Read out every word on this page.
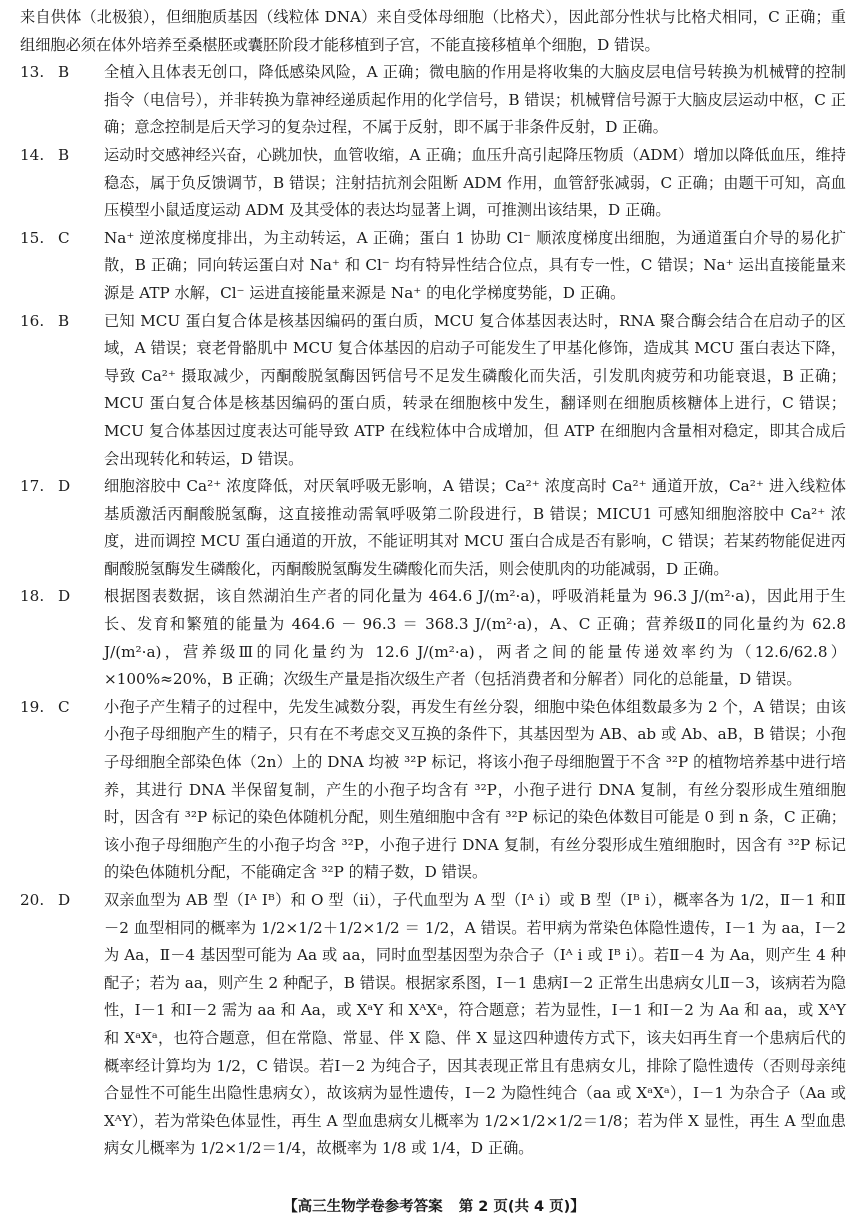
来自供体（北极狼），但细胞质基因（线粒体 DNA）来自受体母细胞（比格犬），因此部分性状与比格犬相同，C 正确；重组细胞必须在体外培养至桑椹胚或囊胚阶段才能移植到子宫，不能直接移植单个细胞，D 错误。

13. B	全植入且体表无创口，降低感染风险，A 正确；微电脑的作用是将收集的大脑皮层电信号转换为机械臂的控制指令（电信号），并非转换为靠神经递质起作用的化学信号，B 错误；机械臂信号源于大脑皮层运动中枢，C 正确；意念控制是后天学习的复杂过程，不属于反射，即不属于非条件反射，D 正确。
14. B	运动时交感神经兴奋，心跳加快，血管收缩，A 正确；血压升高引起降压物质（ADM）增加以降低血压，维持稳态，属于负反馈调节，B 错误；注射拮抗剂会阻断 ADM 作用，血管舒张减弱，C 正确；由题干可知，高血压模型小鼠适度运动 ADM 及其受体的表达均显著上调，可推测出该结果，D 正确。
15. C	Na⁺ 逆浓度梯度排出，为主动转运，A 正确；蛋白 1 协助 Cl⁻ 顺浓度梯度出细胞，为通道蛋白介导的易化扩散，B 正确；同向转运蛋白对 Na⁺ 和 Cl⁻ 均有特异性结合位点，具有专一性，C 错误；Na⁺ 运出直接能量来源是 ATP 水解，Cl⁻ 运进直接能量来源是 Na⁺ 的电化学梯度势能，D 正确。
16. B	已知 MCU 蛋白复合体是核基因编码的蛋白质，MCU 复合体基因表达时，RNA 聚合酶会结合在启动子的区域，A 错误；衰老骨骼肌中 MCU 复合体基因的启动子可能发生了甲基化修饰，造成其 MCU 蛋白表达下降，导致 Ca²⁺ 摄取减少，丙酮酸脱氢酶因钙信号不足发生磷酸化而失活，引发肌肉疲劳和功能衰退，B 正确；MCU 蛋白复合体是核基因编码的蛋白质，转录在细胞核中发生，翻译则在细胞质核糖体上进行，C 错误；MCU 复合体基因过度表达可能导致 ATP 在线粒体中合成增加，但 ATP 在细胞内含量相对稳定，即其合成后会出现转化和转运，D 错误。
17. D	细胞溶胶中 Ca²⁺ 浓度降低，对厌氧呼吸无影响，A 错误；Ca²⁺ 浓度高时 Ca²⁺ 通道开放，Ca²⁺ 进入线粒体基质激活丙酮酸脱氢酶，这直接推动需氧呼吸第二阶段进行，B 错误；MICU1 可感知细胞溶胶中 Ca²⁺ 浓度，进而调控 MCU 蛋白通道的开放，不能证明其对 MCU 蛋白合成是否有影响，C 错误；若某药物能促进丙酮酸脱氢酶发生磷酸化，丙酮酸脱氢酶发生磷酸化而失活，则会使肌肉的功能减弱，D 正确。
18. D	根据图表数据，该自然湖泊生产者的同化量为 464.6 J/(m²·a)，呼吸消耗量为 96.3 J/(m²·a)，因此用于生长、发育和繁殖的能量为 464.6 － 96.3 ＝ 368.3 J/(m²·a)，A、C 正确；营养级Ⅱ的同化量约为 62.8 J/(m²·a)，营养级Ⅲ的同化量约为 12.6 J/(m²·a)，两者之间的能量传递效率约为（12.6/62.8）×100%≈20%，B 正确；次级生产量是指次级生产者（包括消费者和分解者）同化的总能量，D 错误。
19. C	小孢子产生精子的过程中，先发生减数分裂，再发生有丝分裂，细胞中染色体组数最多为 2 个，A 错误；由该小孢子母细胞产生的精子，只有在不考虑交叉互换的条件下，其基因型为 AB、ab 或 Ab、aB，B 错误；小孢子母细胞全部染色体（2n）上的 DNA 均被 ³²P 标记，将该小孢子母细胞置于不含 ³²P 的植物培养基中进行培养，其进行 DNA 半保留复制，产生的小孢子均含有 ³²P，小孢子进行 DNA 复制，有丝分裂形成生殖细胞时，因含有 ³²P 标记的染色体随机分配，则生殖细胞中含有 ³²P 标记的染色体数目可能是 0 到 n 条，C 正确；该小孢子母细胞产生的小孢子均含 ³²P，小孢子进行 DNA 复制，有丝分裂形成生殖细胞时，因含有 ³²P 标记的染色体随机分配，不能确定含 ³²P 的精子数，D 错误。
20. D	双亲血型为 AB 型（Iᴬ Iᴮ）和 O 型（ii），子代血型为 A 型（Iᴬ i）或 B 型（Iᴮ i），概率各为 1/2，Ⅱ－1 和Ⅱ－2 血型相同的概率为 1/2×1/2＋1/2×1/2 ＝ 1/2，A 错误。若甲病为常染色体隐性遗传，Ⅰ－1 为 aa，Ⅰ－2 为 Aa，Ⅱ－4 基因型可能为 Aa 或 aa，同时血型基因型为杂合子（Iᴬ i 或 Iᴮ i）。若Ⅱ－4 为 Aa，则产生 4 种配子；若为 aa，则产生 2 种配子，B 错误。根据家系图，Ⅰ－1 患病Ⅰ－2 正常生出患病女儿Ⅱ－3，该病若为隐性，Ⅰ－1 和Ⅰ－2 需为 aa 和 Aa，或 XᵃY 和 XᴬXᵃ，符合题意；若为显性，Ⅰ－1 和Ⅰ－2 为 Aa 和 aa，或 XᴬY 和 XᵃXᵃ，也符合题意，但在常隐、常显、伴 X 隐、伴 X 显这四种遗传方式下，该夫妇再生育一个患病后代的概率经计算均为 1/2，C 错误。若Ⅰ－2 为纯合子，因其表现正常且有患病女儿，排除了隐性遗传（否则母亲纯合显性不可能生出隐性患病女），故该病为显性遗传，Ⅰ－2 为隐性纯合（aa 或 XᵃXᵃ），Ⅰ－1 为杂合子（Aa 或 XᴬY），若为常染色体显性，再生 A 型血患病女儿概率为 1/2×1/2×1/2＝1/8；若为伴 X 显性，再生 A 型血患病女儿概率为 1/2×1/2＝1/4，故概率为 1/8 或 1/4，D 正确。
【高三生物学卷参考答案 第 2 页(共 4 页)】
